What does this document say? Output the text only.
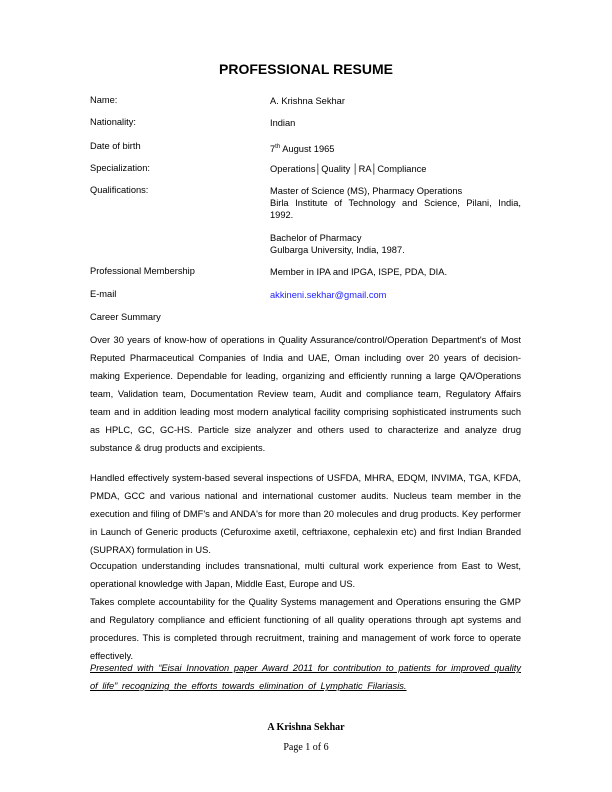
PROFESSIONAL RESUME
Name:	A. Krishna Sekhar
Nationality:	Indian
Date of birth	7th August 1965
Specialization:	Operations│Quality │RA│Compliance
Qualifications:	Master of Science (MS), Pharmacy Operations
Birla Institute of Technology and Science, Pilani, India, 1992.
Bachelor of Pharmacy
Gulbarga University, India, 1987.
Professional Membership	Member in IPA and IPGA, ISPE, PDA, DIA.
E-mail	akkineni.sekhar@gmail.com
Career Summary
Over 30 years of know-how of operations in Quality Assurance/control/Operation Department's of Most Reputed Pharmaceutical Companies of India and UAE, Oman including over 20 years of decision-making Experience. Dependable for leading, organizing and efficiently running a large QA/Operations team, Validation team, Documentation Review team, Audit and compliance team, Regulatory Affairs team and in addition leading most modern analytical facility comprising sophisticated instruments such as HPLC, GC, GC-HS. Particle size analyzer and others used to characterize and analyze drug substance & drug products and excipients.
Handled effectively system-based several inspections of USFDA, MHRA, EDQM, INVIMA, TGA, KFDA, PMDA, GCC and various national and international customer audits. Nucleus team member in the execution and filing of DMF's and ANDA's for more than 20 molecules and drug products. Key performer in Launch of Generic products (Cefuroxime axetil, ceftriaxone, cephalexin etc) and first Indian Branded (SUPRAX) formulation in US.
Occupation understanding includes transnational, multi cultural work experience from East to West, operational knowledge with Japan, Middle East, Europe and US.
Takes complete accountability for the Quality Systems management and Operations ensuring the GMP and Regulatory compliance and efficient functioning of all quality operations through apt systems and procedures. This is completed through recruitment, training and management of work force to operate effectively.
Presented with “Eisai Innovation paper Award 2011 for contribution to patients for improved quality of life” recognizing the efforts towards elimination of Lymphatic Filariasis.
A Krishna Sekhar
Page 1 of 6
